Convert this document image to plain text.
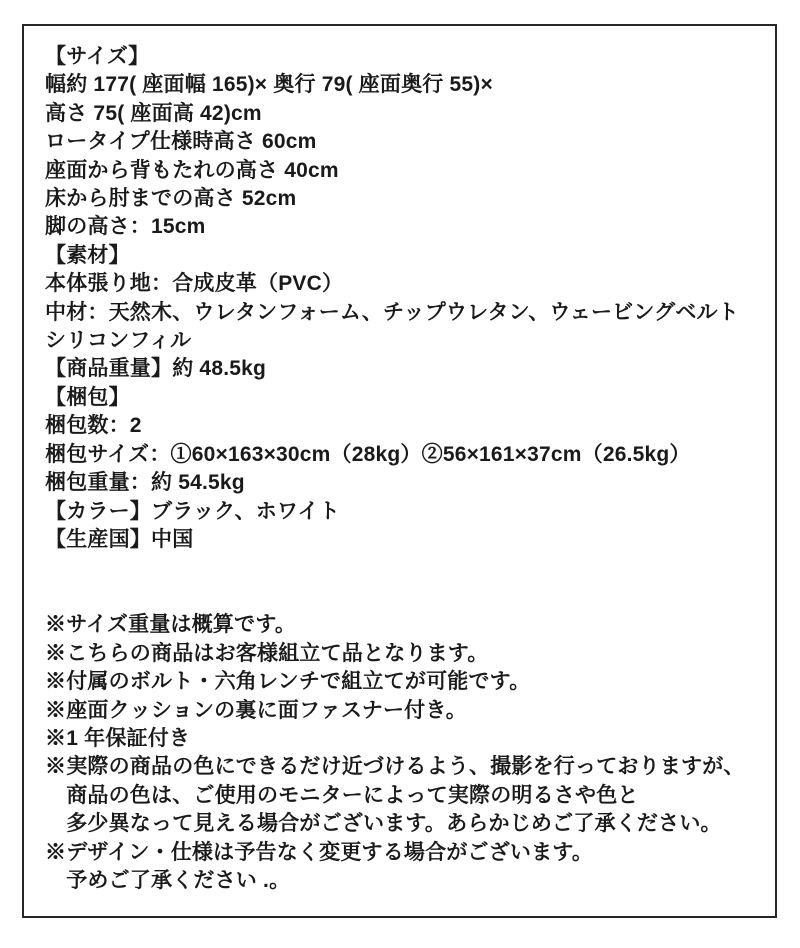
【サイズ】
幅約 177( 座面幅 165)× 奥行 79( 座面奥行 55)×
高さ 75( 座面高 42)cm
ロータイプ仕様時高さ 60cm
座面から背もたれの高さ 40cm
床から肘までの高さ 52cm
脚の高さ：15cm
【素材】
本体張り地：合成皮革（PVC）
中材：天然木、ウレタンフォーム、チップウレタン、ウェービングベルト
シリコンフィル
【商品重量】約 48.5kg
【梱包】
梱包数：2
梱包サイズ：①60×163×30cm（28kg）②56×161×37cm（26.5kg）
梱包重量：約 54.5kg
【カラー】ブラック、ホワイト
【生産国】中国
※サイズ重量は概算です。
※こちらの商品はお客様組立て品となります。
※付属のボルト・六角レンチで組立てが可能です。
※座面クッションの裏に面ファスナー付き。
※1 年保証付き
※実際の商品の色にできるだけ近づけるよう、撮影を行っておりますが、
　商品の色は、ご使用のモニターによって実際の明るさや色と
　多少異なって見える場合がございます。あらかじめご了承ください。
※デザイン・仕様は予告なく変更する場合がございます。
　予めご了承ください .。
